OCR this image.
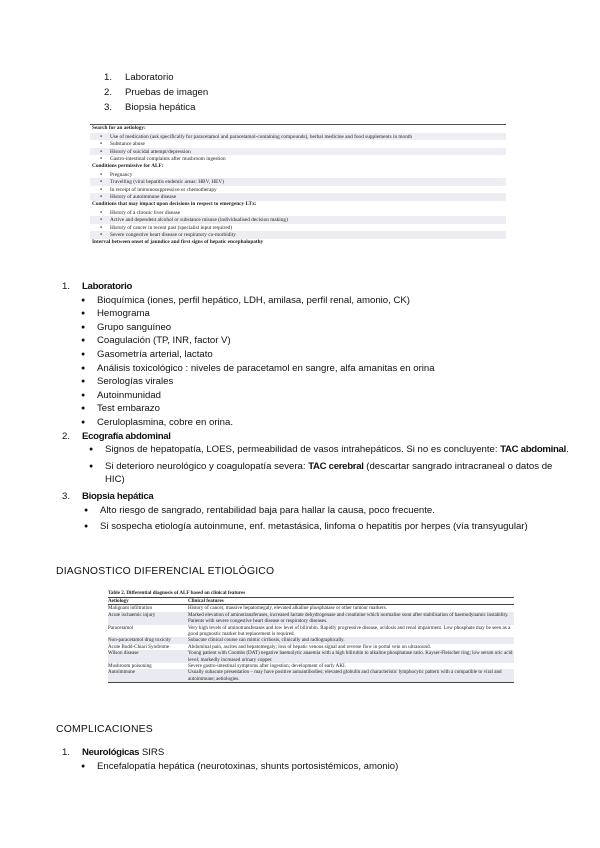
1.	Laboratorio
2.	Pruebas de imagen
3.	Biopsia hepática
Search for an aetiology:
● Use of medication (ask specifically for paracetamol and paracetamol-containing compounds), herbal medicine and food supplements in month
● Substance abuse
● History of suicidal attempt/depression
● Gastro-intestinal complaints after mushroom ingestion
Conditions permissive for ALF:
● Pregnancy
● Travelling (viral hepatitis endemic areas: HBV, HEV)
● In receipt of immunosuppressive or chemotherapy
● History of autoimmune disease
Conditions that may impact upon decisions in respect to emergency LTx:
● History of a chronic liver disease
● Active and dependent alcohol or substance misuse (individualised decision making)
● History of cancer in recent past (specialist input required)
● Severe congestive heart disease or respiratory co-morbidity
Interval between onset of jaundice and first signs of hepatic encephalopathy
1.	Laboratorio
●	Bioquímica (iones, perfil hepático, LDH, amilasa, perfil renal, amonio, CK)
●	Hemograma
●	Grupo sanguíneo
●	Coagulación (TP, INR, factor V)
●	Gasometría arterial, lactato
●	Análisis toxicológico : niveles de paracetamol en sangre, alfa amanitas en orina
●	Serologías virales
●	Autoinmunidad
●	Test embarazo
●	Ceruloplasmina, cobre en orina.
2.	Ecografía abdominal
●	Signos de hepatopatía, LOES, permeabilidad de vasos intrahepáticos. Si no es concluyente: TAC abdominal.
●	Si deterioro neurológico y coagulopatía severa: TAC cerebral (descartar sangrado intracraneal o datos de HIC)
3.	Biopsia hepática
●	Alto riesgo de sangrado, rentabilidad baja para hallar la causa, poco frecuente.
●	Si sospecha etiología autoinmune, enf. metastásica, linfoma o hepatitis por herpes (vía transyugular)
DIAGNOSTICO DIFERENCIAL ETIOLÓGICO
Table 2. Differential diagnosis of ALF based on clinical features
Aetiology	Clinical features
Malignant infiltration	History of cancer, massive hepatomegaly, elevated alkaline phosphatase or other tumour markers.
Acute ischaemic injury	Marked elevation of aminotransferases, increased lactate dehydrogenase and creatinine which normalise soon after stabilisation of haemodynamic instability. Patients with severe congestive heart disease or respiratory diseases.
Paracetamol	Very high levels of aminotransferases and low level of bilirubin. Rapidly progressive disease, acidosis and renal impairment. Low phosphate may be seen as a good prognostic marker but replacement is required.
Non-paracetamol drug toxicity	Subacute clinical course can mimic cirrhosis, clinically and radiographically.
Acute Budd-Chiari Syndrome	Abdominal pain, ascites and hepatomegaly; loss of hepatic venous signal and reverse flow in portal vein on ultrasound.
Wilson disease	Young patient with Coombs (DAT) negative haemolytic anaemia with a high bilirubin to alkaline phosphatase ratio. Kayser-Fleischer ring; low serum uric acid level; markedly increased urinary copper.
Mushroom poisoning	Severe gastro-intestinal symptoms after ingestion; development of early AKI.
Autoimmune	Usually subacute presentation – may have positive autoantibodies; elevated globulin and characteristic lymphocytic pattern with a compatible to viral and autoimmune; aetiologies.
COMPLICACIONES
1.	Neurológicas SIRS
●	Encefalopatía hepática (neurotoxinas, shunts portosistémicos, amonio)
